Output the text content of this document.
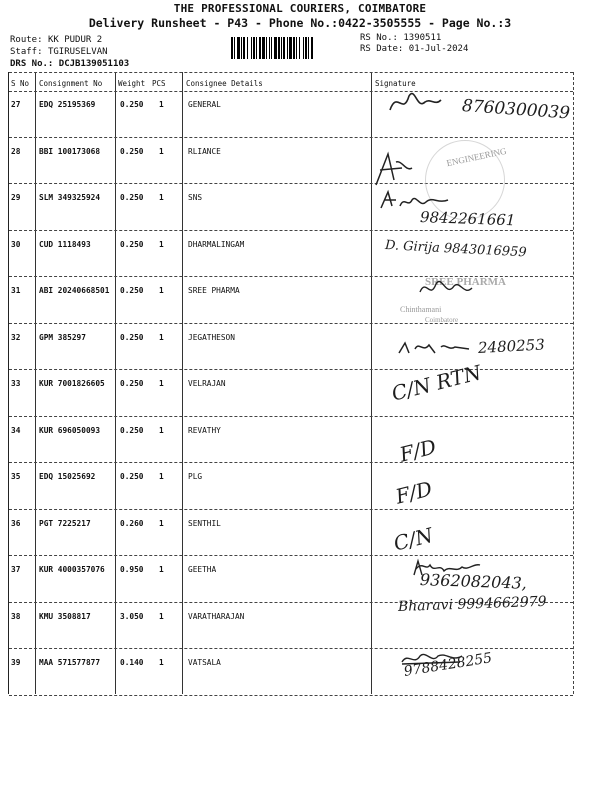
THE PROFESSIONAL COURIERS, COIMBATORE
Delivery Runsheet - P43 - Phone No.:0422-3505555 - Page No.:3
Route: KK PUDUR 2
Staff: TGIRUSELVAN
DRS No.: DCJB139051103
RS No.: 1390511
RS Date: 01-Jul-2024
S No Consignment No Weight PCS	Consignee Details	Signature
27 EDQ 25195369	0.250 1	GENERAL
28 BBI 100173068	0.250 1	RLIANCE
29 SLM 349325924	0.250 1	SNS
30 CUD 1118493	0.250 1	DHARMALINGAM
31 ABI 20240668501 0.250 1	SREE PHARMA
32 GPM 385297	0.250 1	JEGATHESON
33 KUR 7001826605 0.250 1	VELRAJAN
34 KUR 696050093	0.250 1	REVATHY
35 EDQ 15025692	0.250 1	PLG
36 PGT 7225217	0.260 1	SENTHIL
37 KUR 4000357076 0.950 1	GEETHA
38 KMU 3508817	3.050 1	VARATHARAJAN
39 MAA 571577877	0.140 1	VATSALA
ENGINEERING
SREE PHARMA
Chinthamani
Coimbatore
8760300039
9842261661
D. Girija 9843016959
2480253
C/N RTN
F/D
F/D
C/N
9362082043,
Bharavi 9994662979
9788428255
